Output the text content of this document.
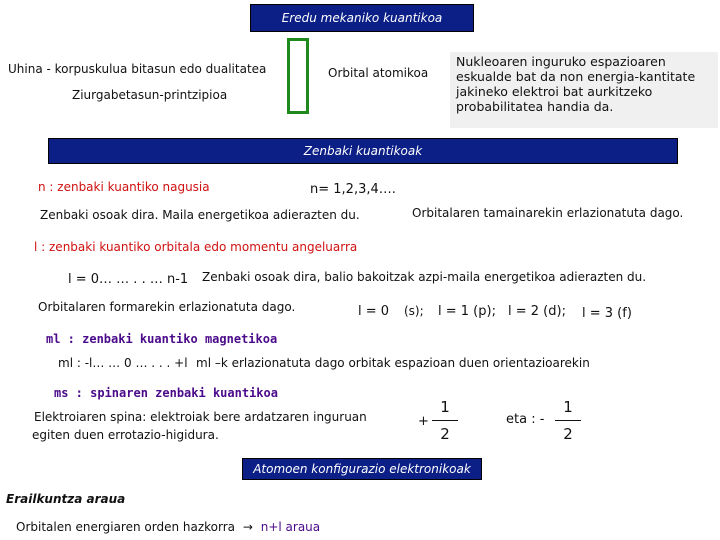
Eredu mekaniko kuantikoa
Uhina - korpuskulua bitasun edo dualitatea
Ziurgabetasun-printzipioa
Orbital atomikoa
Nukleoaren inguruko espazioaren eskualde bat da non energia-kantitate jakineko elektroi bat aurkitzeko probabilitatea handia da.
Zenbaki kuantikoak
n : zenbaki kuantiko nagusia	n= 1,2,3,4….
Zenbaki osoak dira. Maila energetikoa adierazten du.	Orbitalaren tamainarekin erlazionatuta dago.
l : zenbaki kuantiko orbitala edo momentu angeluarra
l = 0… … . . … n-1 Zenbaki osoak dira, balio bakoitzak azpi-maila energetikoa adierazten du.
Orbitalaren formarekin erlazionatuta dago.	l = 0 (s); l = 1 (p); l = 2 (d); l = 3 (f)
ml : zenbaki kuantiko magnetikoa
ml : -l… … 0 … . . . +l ml –k erlazionatuta dago orbitak espazioan duen orientazioarekin
ms : spinaren zenbaki kuantikoa
Elektroiaren spina: elektroiak bere ardatzaren inguruan
egiten duen errotazio-higidura.
+
1
2
eta : -
1
2
Atomoen konfigurazio elektronikoak
Erailkuntza araua
Orbitalen energiaren orden hazkorra → n+l araua
